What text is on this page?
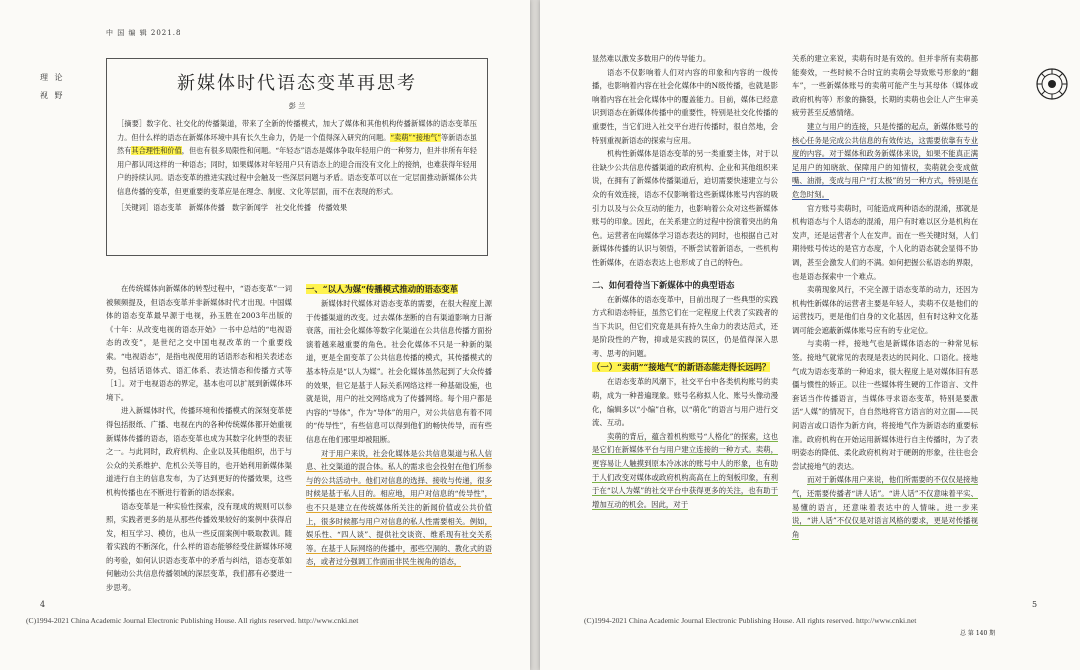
中 国 编 辑 2021.8
理 论
视 野
新媒体时代语态变革再思考
彭 兰
［摘要］数字化、社交化的传播渠道，带来了全新的传播模式，加大了媒体和其他机构传播新媒体的语态变革压力。但什么样的语态在新媒体环境中具有长久生命力，仍是一个值得深入研究的问题。“卖萌”“接地气”等新语态虽然有其合理性和价值，但也有很多局限性和问题。“年轻态”语态是媒体争取年轻用户的一种努力，但并非所有年轻用户都认同这样的一种语态；同时，如果媒体对年轻用户只有语态上的迎合而没有文化上的接纳，也难获得年轻用户的持续认同。语态变革的推进实践过程中会触及一些深层问题与矛盾。语态变革可以在一定层面推动新媒体公共信息传播的变革，但更重要的变革应是在理念、制度、文化等层面，而不在表现的形式。
［关键词］语态变革　新媒体传播　数字新闻学　社交化传播　传播效果

在传统媒体向新媒体的转型过程中，“语态变革”一词被频频提及，但语态变革并非新媒体时代才出现。中国媒体的语态变革最早源于电视，孙玉胜在2003年出版的《十年：从改变电视的语态开始》一书中总结的“电视语态的改变”，是世纪之交中国电视改革的一个重要线索。“电视语态”，是指电视使用的话语形态和相关表述态势，包括话语体式、语汇体系、表达情态和传播方式等［1］。对于电视语态的界定，基本也可以扩展到新媒体环境下。

进入新媒体时代，传播环境和传播模式的深刻变革使得包括报纸、广播、电视在内的各种传统媒体都开始重视新媒体传播的语态，语态变革也成为其数字化转型的表征之一。与此同时，政府机构、企业以及其他组织，出于与公众的关系维护、危机公关等目的，也开始利用新媒体渠道进行自主的信息发布，为了达到更好的传播效果，这些机构传播也在不断进行着新的语态探索。

语态变革是一种实验性探索，没有现成的规则可以参照，实践者更多的是从那些传播效果较好的案例中获得启发，相互学习、模仿，也从一些反面案例中吸取教训。随着实践的不断深化，什么样的语态能够经受住新媒体环境的考验，如何认识语态变革中的矛盾与纠结，语态变革如何触动公共信息传播领域的深层变革，我们都有必要进一步思考。

一、“以人为媒”传播模式推动的语态变革

新媒体时代媒体对语态变革的需要，在很大程度上源于传播渠道的改变。过去媒体垄断的自有渠道影响力日渐衰落，而社会化媒体等数字化渠道在公共信息传播方面扮演着越来越重要的角色。社会化媒体不只是一种新的渠道，更是全面变革了公共信息传播的模式，其传播模式的基本特点是“以人为媒”。社会化媒体虽然起到了大众传播的效果，但它是基于人际关系网络这样一种基础设施，也就是说，用户的社交网络成为了传播网络。每个用户都是内容的“导体”，作为“导体”的用户，对公共信息有着不同的“传导性”，有些信息可以得到他们的畅快传导，而有些信息在他们那里却被阻断。

对于用户来说，社会化媒体是公共信息渠道与私人信息、社交渠道的混合体。私人的需求也会投射在他们所参与的公共活动中。他们对信息的选择、接收与传递，很多时候是基于私人目的。相应地，用户对信息的“传导性”，也不只是建立在传统媒体所关注的新闻价值或公共价值上，很多时候都与用户对信息的私人性需要相关。例如，娱乐性、“四人谈”、提供社交谈资、维系现有社交关系等。在基于人际网络的传播中，那些空洞的、教化式的语态，或者过分强调工作面而非民生视角的语态，

4
(C)1994-2021 China Academic Journal Electronic Publishing House. All rights reserved. http://www.cnki.net

显然难以激发多数用户的传导能力。

语态不仅影响着人们对内容的印象和内容的一级传播，也影响着内容在社会化媒体中的N级传播，也就是影响着内容在社会化媒体中的覆盖能力。目前，媒体已经意识到语态在新媒体传播中的重要性，特别是社交化传播的重要性，当它们进入社交平台进行传播时，很自然地，会特别重视新语态的探索与应用。

机构性新媒体是语态变革的另一类重要主体，对于以往缺少公共信息传播渠道的政府机构、企业和其他组织来说，在拥有了新媒体传播渠道后，迫切需要快速建立与公众的有效连接，语态不仅影响着这些新媒体账号内容的吸引力以及与公众互动的能力，也影响着公众对这些新媒体账号的印象。因此，在关系建立的过程中扮演着突出的角色。运营者在向媒体学习语态表达的同时，也根据自己对新媒体传播的认识与领悟，不断尝试着新语态，一些机构性新媒体，在语态表达上也形成了自己的特色。

二、如何看待当下新媒体中的典型语态

在新媒体的语态变革中，目前出现了一些典型的实践方式和语态特征，虽然它们在一定程度上代表了实践者的当下共识，但它们究竟是具有持久生命力的表达范式，还是阶段性的产物，抑或是实践的误区，仍是值得深入思考、思考的问题。

（一）“卖萌”“接地气”的新语态能走得长远吗？

在语态变革的风潮下，社交平台中各类机构账号的卖萌，成为一种普遍现象。账号名称拟人化、账号头像动漫化，编辑多以“小编”自称，以“萌化”的语言与用户进行交流、互动。

卖萌的背后，蕴含着机构账号“人格化”的探索，这也是它们在新媒体平台与用户建立连接的一种方式。卖萌，更容易让人触摸到原本冷冰冰的账号中人的形象，也有助于人们改变对媒体或政府机构高高在上的刻板印象，有利于在“以人为媒”的社交平台中获得更多的关注，也有助于增加互动的机会。因此，对于

关系的建立来说，卖萌有时是有效的。但并非所有卖萌都能奏效，一些时候不合时宜的卖萌会导致账号形象的“翻车”，一些新媒体账号的卖萌可能产生与其母体（媒体或政府机构等）形象的撕裂，长期的卖萌也会让人产生审美疲劳甚至反感情绪。

建立与用户的连接，只是传播的起点，新媒体账号的核心任务是完成公共信息的有效传达，这需要依靠有专业度的内容。对于媒体和政务新媒体来说，如果不能真正满足用户的知晓欲、保障用户的知情权，卖萌就会变成做嘴、油滑，变成与用户“打太极”的另一种方式，特别是在危急时刻。

官方账号卖萌时，可能造成两种语态的混淆，那就是机构语态与个人语态的混淆，用户有时难以区分是机构在发声，还是运营者个人在发声。而在一些关键时刻，人们期待账号传达的是官方态度，个人化的语态就会显得不协调，甚至会激发人们的不满。如何把握公私语态的界限，也是语态探索中一个难点。

卖萌现象风行，不完全源于语态变革的动力，还因为机构性新媒体的运营者主要是年轻人，卖萌不仅是他们的运营技巧，更是他们自身的文化基因，但有时这种文化基调可能会遮蔽新媒体账号应有的专业定位。

与卖萌一样，接地气也是新媒体语态的一种常见标签。接地气就常见的表现是表达的民间化、口语化。接地气成为语态变革的一种追求，很大程度上是对媒体旧有恶僵与惯性的矫正。以往一些媒体将生硬的工作语言、文件套话当作传播语言，当媒体寻求语态变革，特别是要激活“人媒”的情况下，自自然地将官方语言的对立面——民间语言或口语作为新方向，将接地气作为新语态的重要标准。政府机构在开始运用新媒体进行自主传播时，为了表明姿态的降低、柔化政府机构对于硬朗的形象，往往也会尝试接地气的表达。

而对于新媒体用户来说，他们所需要的不仅仅是接地气，还需要传播者“讲人话”。“讲人话”不仅意味着平实、易懂的语言，还意味着表达中的人情味。进一步来说，“讲人话”不仅仅是对语言风格的要求，更是对传播视角

5
(C)1994-2021 China Academic Journal Electronic Publishing House. All rights reserved. http://www.cnki.net
总 第 140 期
